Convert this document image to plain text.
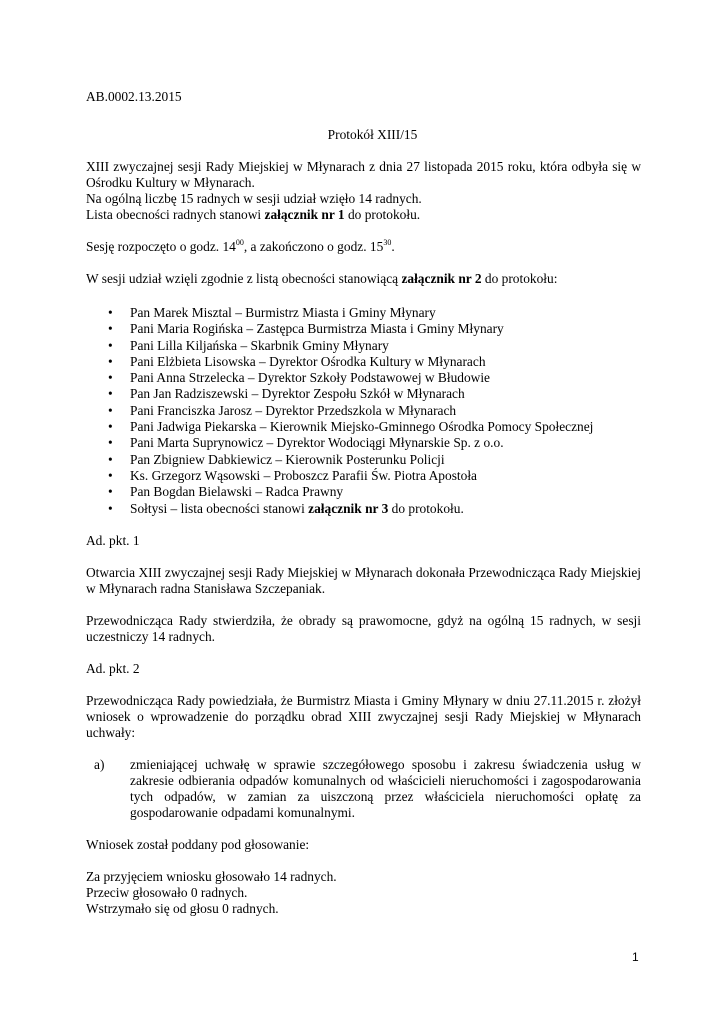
AB.0002.13.2015

Protokół XIII/15

XIII zwyczajnej sesji Rady Miejskiej w Młynarach z dnia 27 listopada 2015 roku, która odbyła się w Ośrodku Kultury w Młynarach.

Na ogólną liczbę 15 radnych w sesji udział wzięło 14 radnych.

Lista obecności radnych stanowi załącznik nr 1 do protokołu.

Sesję rozpoczęto o godz. $14^{00}$, a zakończono o godz. $15^{30}$.

W sesji udział wzięli zgodnie z listą obecności stanowiącą załącznik nr 2 do protokołu:

• Pan Marek Misztal – Burmistrz Miasta i Gminy Młynary
• Pani Maria Rogińska – Zastępca Burmistrza Miasta i Gminy Młynary
• Pani Lilla Kiljańska – Skarbnik Gminy Młynary
• Pani Elżbieta Lisowska – Dyrektor Ośrodka Kultury w Młynarach
• Pani Anna Strzelecka – Dyrektor Szkoły Podstawowej w Błudowie
• Pan Jan Radziszewski – Dyrektor Zespołu Szkół w Młynarach
• Pani Franciszka Jarosz – Dyrektor Przedszkola w Młynarach
• Pani Jadwiga Piekarska – Kierownik Miejsko-Gminnego Ośrodka Pomocy Społecznej
• Pani Marta Suprynowicz – Dyrektor Wodociągi Młynarskie Sp. z o.o.
• Pan Zbigniew Dabkiewicz – Kierownik Posterunku Policji
• Ks. Grzegorz Wąsowski – Proboszcz Parafii Św. Piotra Apostoła
• Pan Bogdan Bielawski – Radca Prawny
• Sołtysi – lista obecności stanowi załącznik nr 3 do protokołu.

Ad. pkt. 1

Otwarcia XIII zwyczajnej sesji Rady Miejskiej w Młynarach dokonała Przewodnicząca Rady Miejskiej w Młynarach radna Stanisława Szczepaniak.

Przewodnicząca Rady stwierdziła, że obrady są prawomocne, gdyż na ogólną 15 radnych, w sesji uczestniczy 14 radnych.

Ad. pkt. 2

Przewodnicząca Rady powiedziała, że Burmistrz Miasta i Gminy Młynary w dniu 27.11.2015 r. złożył wniosek o wprowadzenie do porządku obrad XIII zwyczajnej sesji Rady Miejskiej w Młynarach uchwały:

a) zmieniającej uchwałę w sprawie szczegółowego sposobu i zakresu świadczenia usług w zakresie odbierania odpadów komunalnych od właścicieli nieruchomości i zagospodarowania tych odpadów, w zamian za uiszczoną przez właściciela nieruchomości opłatę za gospodarowanie odpadami komunalnymi.

Wniosek został poddany pod głosowanie:

Za przyjęciem wniosku głosowało 14 radnych.

Przeciw głosowało 0 radnych.

Wstrzymało się od głosu 0 radnych.

1
